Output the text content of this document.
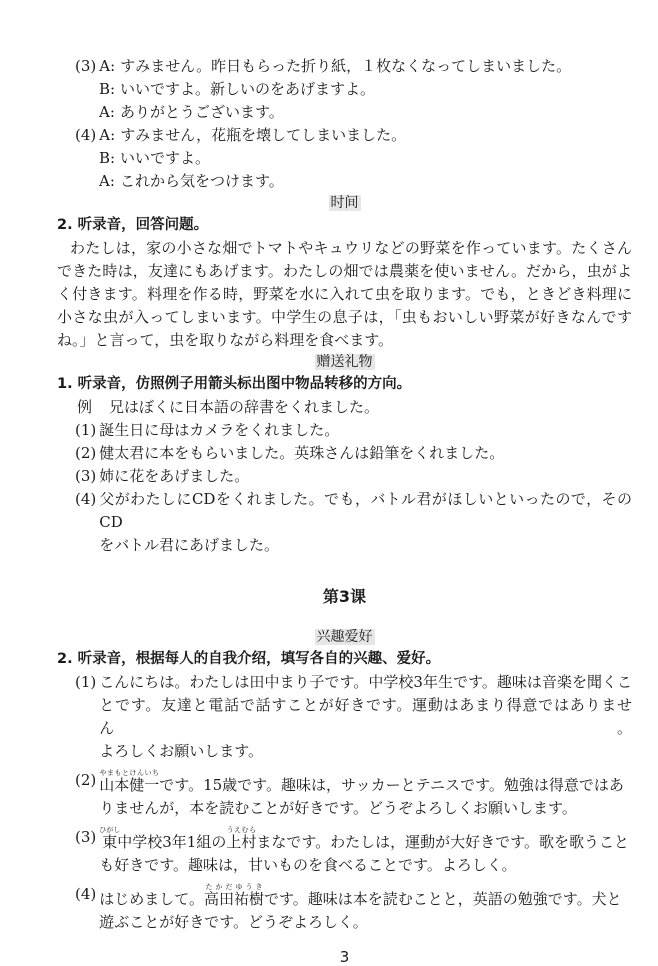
®
(3) A: すみません。昨日もらった折り紙，１枚なくなってしまいました。
B: いいですよ。新しいのをあげますよ。
A: ありがとうございます。
(4) A: すみません，花瓶を壊してしまいました。
B: いいですよ。
A: これから気をつけます。
时间
2. 听录音，回答问题。
わたしは，家の小さな畑でトマトやキュウリなどの野菜を作っています。たくさん
できた時は，友達にもあげます。わたしの畑では農薬を使いません。だから，虫がよ
く付きます。料理を作る時，野菜を水に入れて虫を取ります。でも，ときどき料理に
小さな虫が入ってしまいます。中学生の息子は，「虫もおいしい野菜が好きなんです
ね。」と言って，虫を取りながら料理を食べます。
赠送礼物
1. 听录音，仿照例子用箭头标出图中物品转移的方向。
例	兄はぼくに日本語の辞書をくれました。
(1) 誕生日に母はカメラをくれました。
(2) 健太君に本をもらいました。英珠さんは鉛筆をくれました。
(3) 姉に花をあげました。
(4) 父がわたしにCDをくれました。でも，バトル君がほしいといったので，そのCD
をバトル君にあげました。
第3课
兴趣爱好
2. 听录音，根据每人的自我介绍，填写各自的兴趣、爱好。
(1) こんにちは。わたしは田中まり子です。中学校3年生です。趣味は音楽を聞くこ
とです。友達と電話で話すことが好きです。運動はあまり得意ではありません。
よろしくお願いします。
(2) 山本健一やまもとけんいちです。15歳です。趣味は，サッカーとテニスです。勉強は得意ではあ
りませんが，本を読むことが好きです。どうぞよろしくお願いします。
(3) 東ひがし中学校3年1組の上村うえむらまなです。わたしは，運動が大好きです。歌を歌うこと
も好きです。趣味は，甘いものを食べることです。よろしく。
(4) はじめまして。高田祐樹たかだゆうきです。趣味は本を読むことと，英語の勉強です。犬と
遊ぶことが好きです。どうぞよろしく。
3
